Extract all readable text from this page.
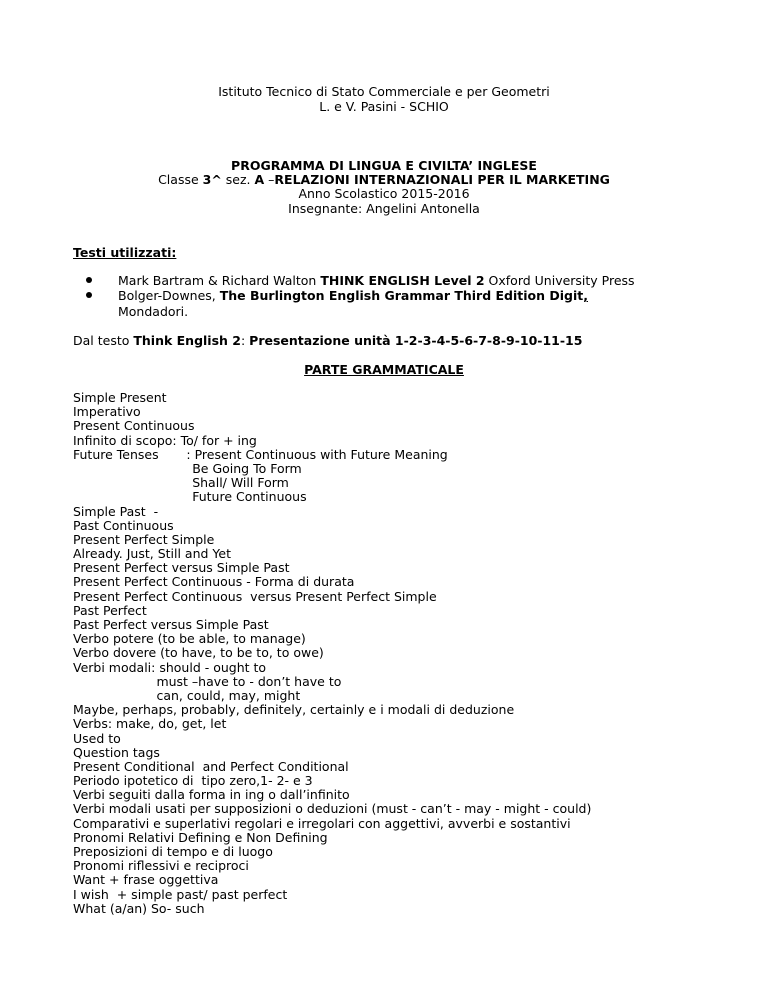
Istituto Tecnico di Stato Commerciale e per Geometri
L. e V. Pasini - SCHIO
PROGRAMMA DI LINGUA E CIVILTA’ INGLESE
Classe 3^ sez. A –RELAZIONI INTERNAZIONALI PER IL MARKETING
Anno Scolastico 2015-2016
Insegnante: Angelini Antonella
Testi utilizzati:
Mark Bartram & Richard Walton THINK ENGLISH Level 2 Oxford University Press
Bolger-Downes, The Burlington English Grammar Third Edition Digit,
Mondadori.
Dal testo Think English 2: Presentazione unità 1-2-3-4-5-6-7-8-9-10-11-15
PARTE GRAMMATICALE
Simple Present
Imperativo
Present Continuous
Infinito di scopo: To/ for + ing
Future Tenses       : Present Continuous with Future Meaning
Be Going To Form
Shall/ Will Form
Future Continuous
Simple Past  -
Past Continuous
Present Perfect Simple
Already. Just, Still and Yet
Present Perfect versus Simple Past
Present Perfect Continuous - Forma di durata
Present Perfect Continuous  versus Present Perfect Simple
Past Perfect
Past Perfect versus Simple Past
Verbo potere (to be able, to manage)
Verbo dovere (to have, to be to, to owe)
Verbi modali: should - ought to
must –have to - don’t have to
can, could, may, might
Maybe, perhaps, probably, definitely, certainly e i modali di deduzione
Verbs: make, do, get, let
Used to
Question tags
Present Conditional  and Perfect Conditional
Periodo ipotetico di  tipo zero,1- 2- e 3
Verbi seguiti dalla forma in ing o dall’infinito
Verbi modali usati per supposizioni o deduzioni (must - can’t - may - might - could)
Comparativi e superlativi regolari e irregolari con aggettivi, avverbi e sostantivi
Pronomi Relativi Defining e Non Defining
Preposizioni di tempo e di luogo
Pronomi riflessivi e reciproci
Want + frase oggettiva
I wish  + simple past/ past perfect
What (a/an) So- such
